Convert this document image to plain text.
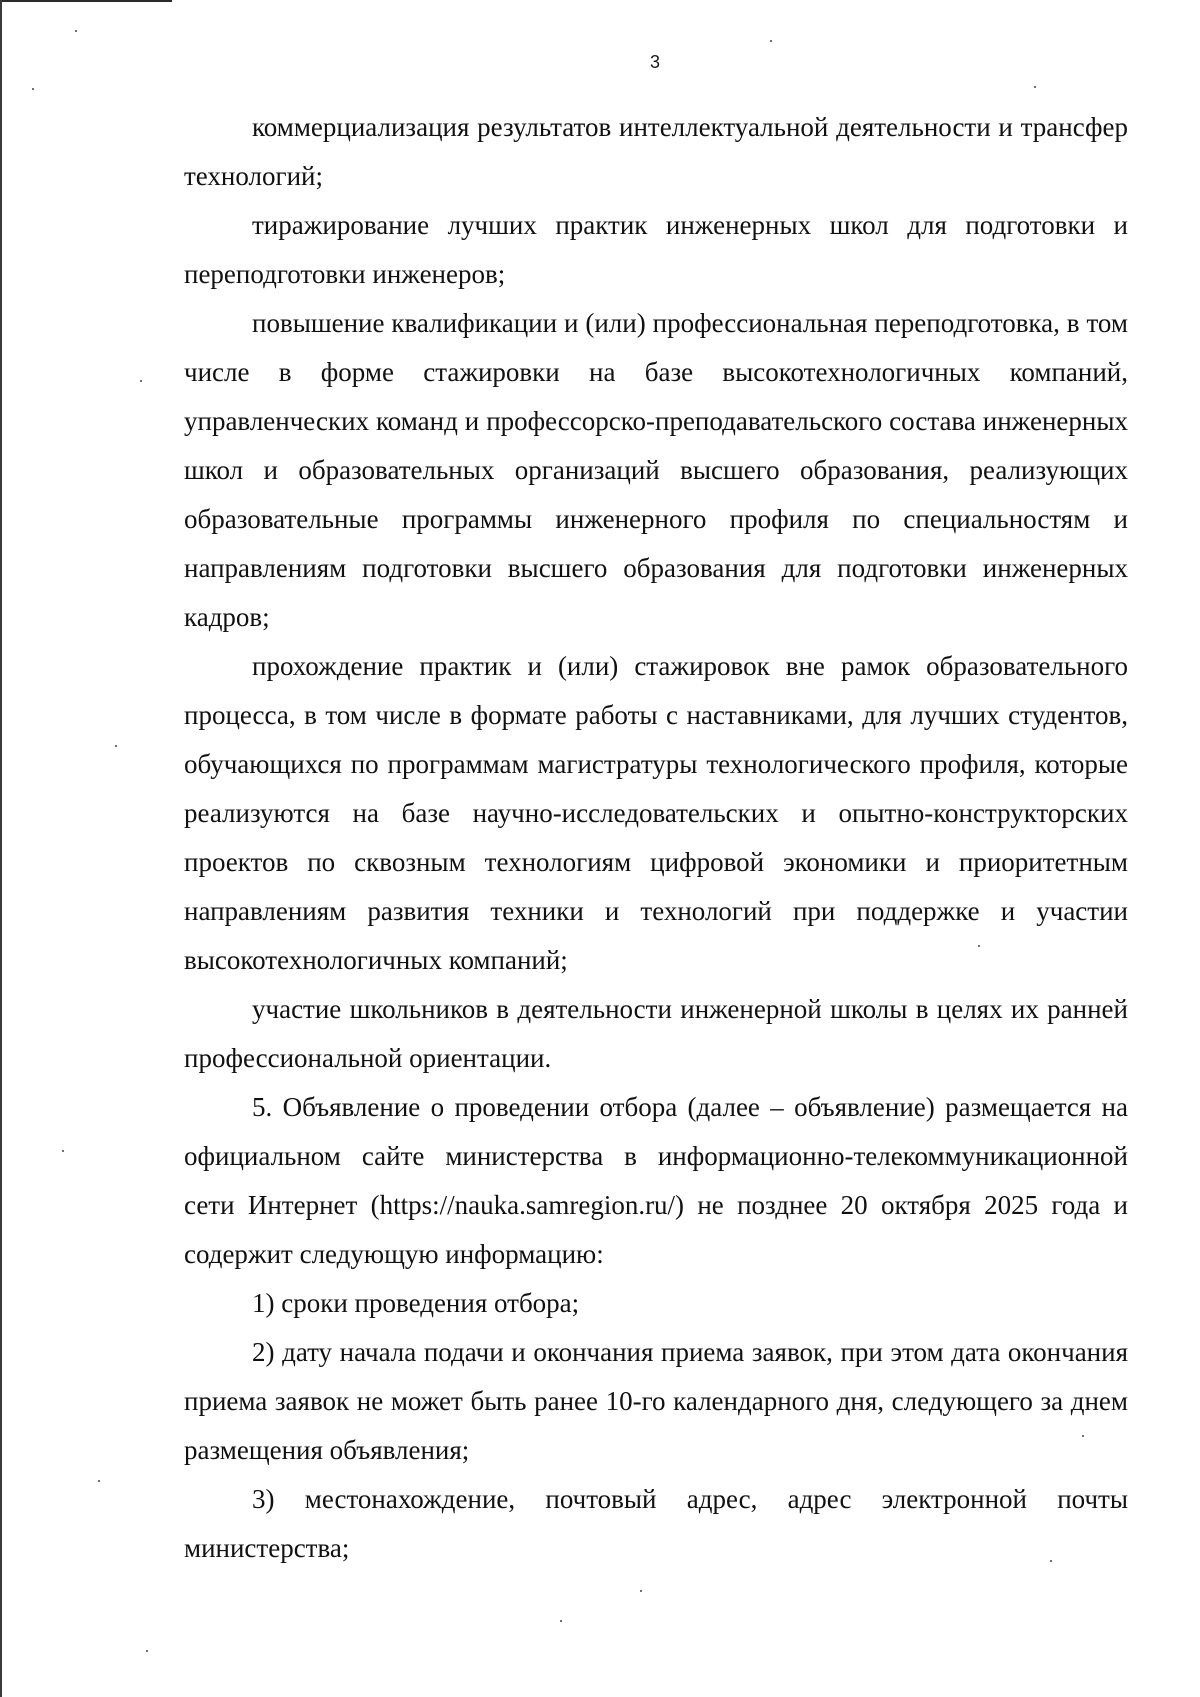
3

коммерциализация результатов интеллектуальной деятельности и трансфер технологий;

тиражирование лучших практик инженерных школ для подготовки и переподготовки инженеров;

повышение квалификации и (или) профессиональная переподготовка, в том числе в форме стажировки на базе высокотехнологичных компаний, управленческих команд и профессорско-преподавательского состава инженерных школ и образовательных организаций высшего образования, реализующих образовательные программы инженерного профиля по специальностям и направлениям подготовки высшего образования для подготовки инженерных кадров;

прохождение практик и (или) стажировок вне рамок образовательного процесса, в том числе в формате работы с наставниками, для лучших студентов, обучающихся по программам магистратуры технологического профиля, которые реализуются на базе научно-исследовательских и опытно-конструкторских проектов по сквозным технологиям цифровой экономики и приоритетным направлениям развития техники и технологий при поддержке и участии высокотехнологичных компаний;

участие школьников в деятельности инженерной школы в целях их ранней профессиональной ориентации.

5. Объявление о проведении отбора (далее – объявление) размещается на официальном сайте министерства в информационно-телекоммуникационной сети Интернет (https://nauka.samregion.ru/) не позднее 20 октября 2025 года и содержит следующую информацию:

1) сроки проведения отбора;

2) дату начала подачи и окончания приема заявок, при этом дата окончания приема заявок не может быть ранее 10-го календарного дня, следующего за днем размещения объявления;

3) местонахождение, почтовый адрес, адрес электронной почты министерства;
